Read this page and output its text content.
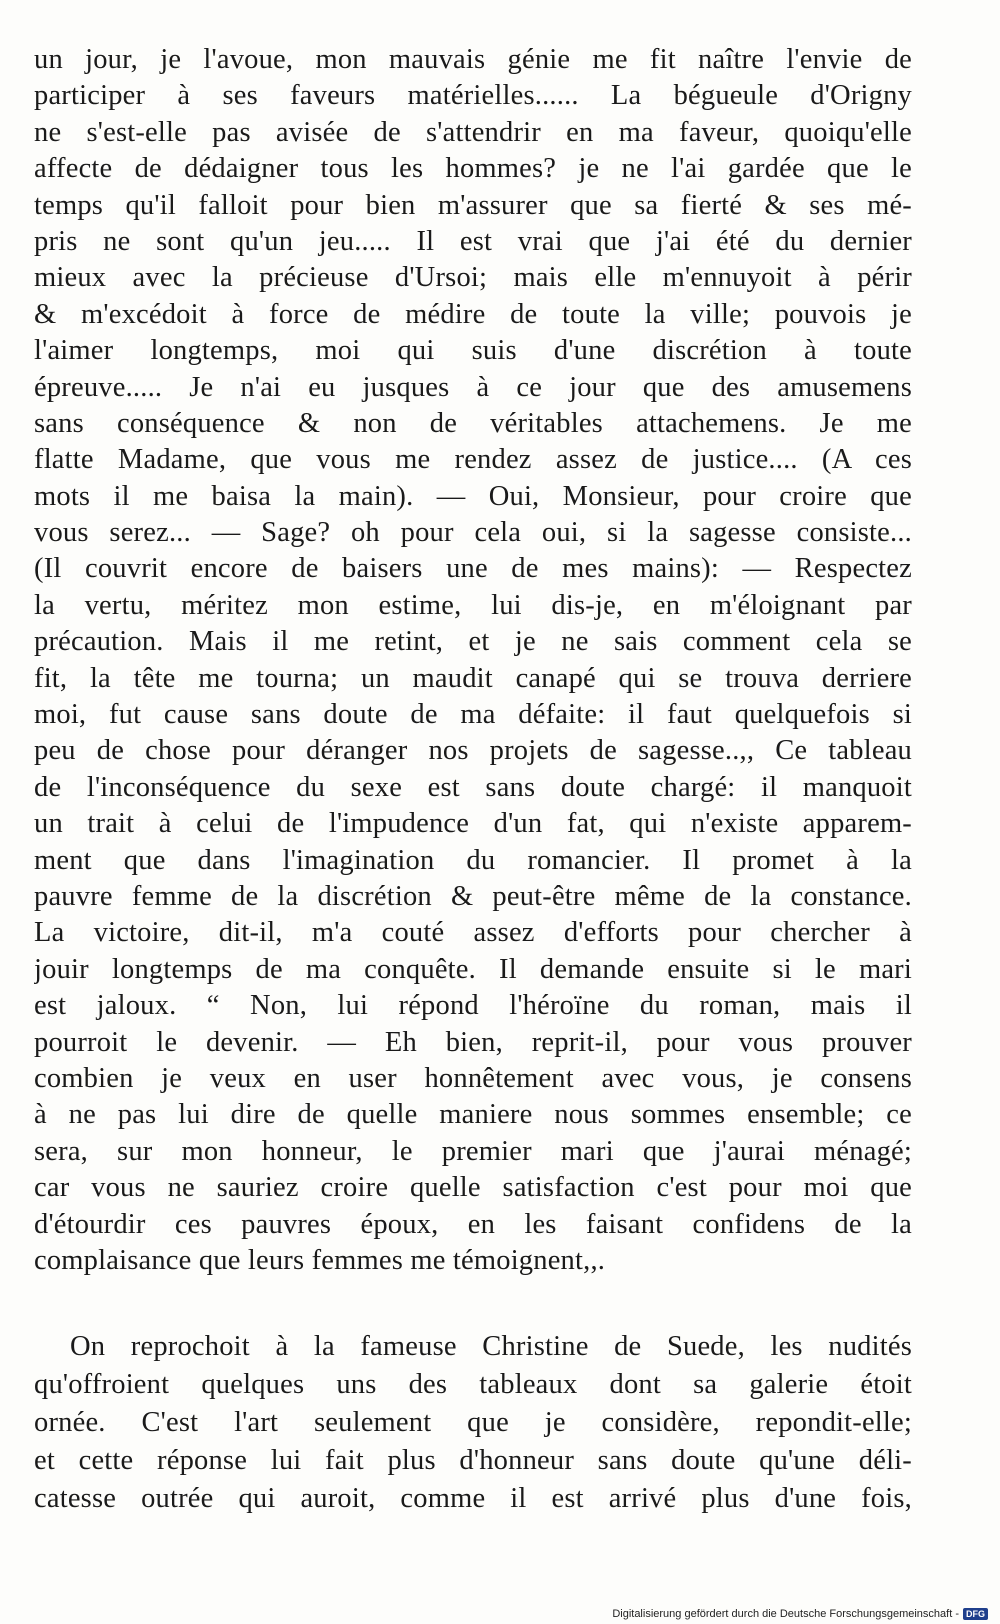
un jour, je l'avoue, mon mauvais génie me fit naître l'envie de
participer à ses faveurs matérielles...... La bégueule d'Origny
ne s'est-elle pas avisée de s'attendrir en ma faveur, quoiqu'elle
affecte de dédaigner tous les hommes? je ne l'ai gardée que le
temps qu'il falloit pour bien m'assurer que sa fierté & ses mé-
pris ne sont qu'un jeu..... Il est vrai que j'ai été du dernier
mieux avec la précieuse d'Ursoi; mais elle m'ennuyoit à périr
& m'excédoit à force de médire de toute la ville; pouvois je
l'aimer longtemps, moi qui suis d'une discrétion à toute
épreuve..... Je n'ai eu jusques à ce jour que des amusemens
sans conséquence & non de véritables attachemens. Je me
flatte Madame, que vous me rendez assez de justice.... (A ces
mots il me baisa la main). — Oui, Monsieur, pour croire que
vous serez... — Sage? oh pour cela oui, si la sagesse consiste...
(Il couvrit encore de baisers une de mes mains): — Respectez
la vertu, méritez mon estime, lui dis-je, en m'éloignant par
précaution. Mais il me retint, et je ne sais comment cela se
fit, la tête me tourna; un maudit canapé qui se trouva derriere
moi, fut cause sans doute de ma défaite: il faut quelquefois si
peu de chose pour déranger nos projets de sagesse..,, Ce tableau
de l'inconséquence du sexe est sans doute chargé: il manquoit
un trait à celui de l'impudence d'un fat, qui n'existe apparem-
ment que dans l'imagination du romancier. Il promet à la
pauvre femme de la discrétion & peut-être même de la constance.
La victoire, dit-il, m'a couté assez d'efforts pour chercher à
jouir longtemps de ma conquête. Il demande ensuite si le mari
est jaloux. “ Non, lui répond l'héroïne du roman, mais il
pourroit le devenir. — Eh bien, reprit-il, pour vous prouver
combien je veux en user honnêtement avec vous, je consens
à ne pas lui dire de quelle maniere nous sommes ensemble; ce
sera, sur mon honneur, le premier mari que j'aurai ménagé;
car vous ne sauriez croire quelle satisfaction c'est pour moi que
d'étourdir ces pauvres époux, en les faisant confidens de la
complaisance que leurs femmes me témoignent,,.
On reprochoit à la fameuse Christine de Suede, les nudités
qu'offroient quelques uns des tableaux dont sa galerie étoit
ornée. C'est l'art seulement que je considère, repondit-elle;
et cette réponse lui fait plus d'honneur sans doute qu'une déli-
catesse outrée qui auroit, comme il est arrivé plus d'une fois,
Digitalisierung gefördert durch die Deutsche Forschungsgemeinschaft - DFG
